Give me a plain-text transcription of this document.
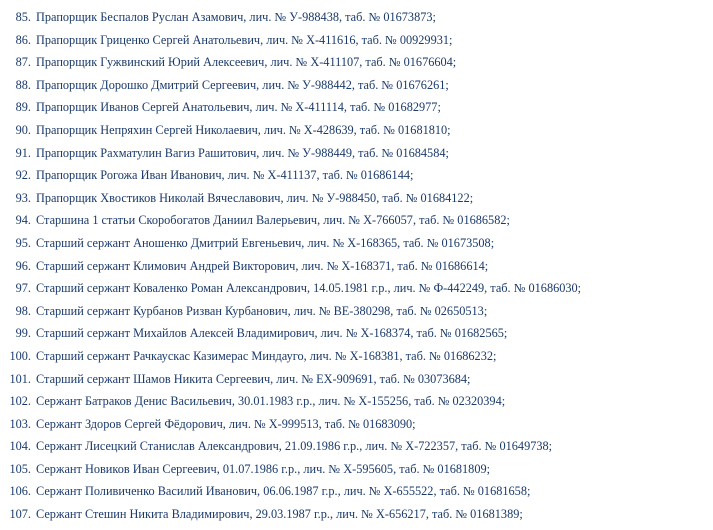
85. Прапорщик Беспалов Руслан Азамович, лич. № У-988438, таб. № 01673873;
86. Прапорщик Гриценко Сергей Анатольевич, лич. № Х-411616, таб. № 00929931;
87. Прапорщик Гужвинский Юрий Алексеевич, лич. № Х-411107, таб. № 01676604;
88. Прапорщик Дорошко Дмитрий Сергеевич, лич. № У-988442, таб. № 01676261;
89. Прапорщик Иванов Сергей Анатольевич, лич. № Х-411114, таб. № 01682977;
90. Прапорщик Непряхин Сергей Николаевич, лич. № Х-428639, таб. № 01681810;
91. Прапорщик Рахматулин Вагиз Рашитович, лич. № У-988449, таб. № 01684584;
92. Прапорщик Рогожа Иван Иванович, лич. № Х-411137, таб. № 01686144;
93. Прапорщик Хвостиков Николай Вячеславович, лич. № У-988450, таб. № 01684122;
94. Старшина 1 статьи Скоробогатов Даниил Валерьевич, лич. № Х-766057, таб. № 01686582;
95. Старший сержант Аношенко Дмитрий Евгеньевич, лич. № Х-168365, таб. № 01673508;
96. Старший сержант Климович Андрей Викторович, лич. № Х-168371, таб. № 01686614;
97. Старший сержант Коваленко Роман Александрович, 14.05.1981 г.р., лич. № Ф-442249, таб. № 01686030;
98. Старший сержант Курбанов Ризван Курбанович, лич. № ВЕ-380298, таб. № 02650513;
99. Старший сержант Михайлов Алексей Владимирович, лич. № Х-168374, таб. № 01682565;
100. Старший сержант Рачкаускас Казимерас Миндауго, лич. № Х-168381, таб. № 01686232;
101. Старший сержант Шамов Никита Сергеевич, лич. № ЕХ-909691, таб. № 03073684;
102. Сержант Батраков Денис Васильевич, 30.01.1983 г.р., лич. № Х-155256, таб. № 02320394;
103. Сержант Здоров Сергей Фёдорович, лич. № Х-999513, таб. № 01683090;
104. Сержант Лисецкий Станислав Александрович, 21.09.1986 г.р., лич. № Х-722357, таб. № 01649738;
105. Сержант Новиков Иван Сергеевич, 01.07.1986 г.р., лич. № Х-595605, таб. № 01681809;
106. Сержант Поливиченко Василий Иванович, 06.06.1987 г.р., лич. № Х-655522, таб. № 01681658;
107. Сержант Стешин Никита Владимирович, 29.03.1987 г.р., лич. № Х-656217, таб. № 01681389;
